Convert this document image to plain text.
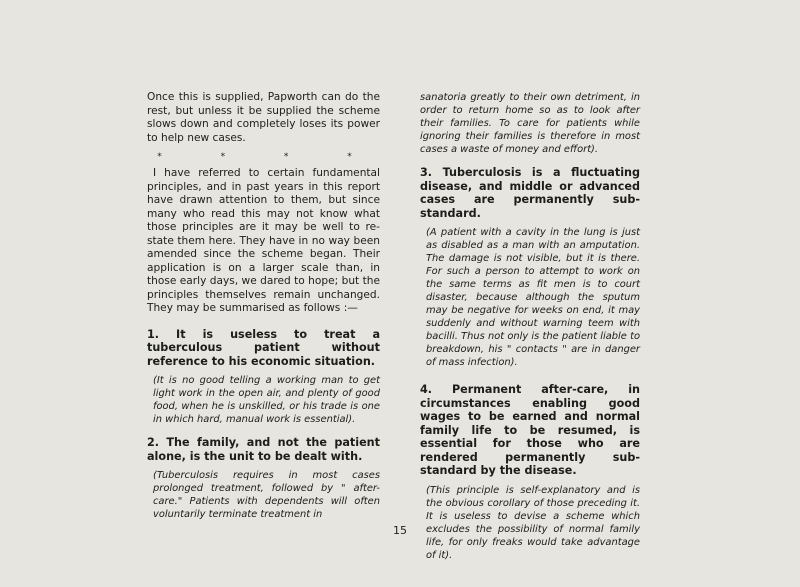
Once this is supplied, Papworth can do the rest, but unless it be supplied the scheme slows down and completely loses its power to help new cases.

* * * *

I have referred to certain fundamental principles, and in past years in this report have drawn attention to them, but since many who read this may not know what those principles are it may be well to re-state them here. They have in no way been amended since the scheme began. Their application is on a larger scale than, in those early days, we dared to hope; but the principles themselves remain unchanged. They may be summarised as follows :—

1. It is useless to treat a tuberculous patient without reference to his economic situation.

(It is no good telling a working man to get light work in the open air, and plenty of good food, when he is unskilled, or his trade is one in which hard, manual work is essential).

2. The family, and not the patient alone, is the unit to be dealt with.

(Tuberculosis requires in most cases prolonged treatment, followed by " after-care." Patients with dependents will often voluntarily terminate treatment in

sanatoria greatly to their own detriment, in order to return home so as to look after their families. To care for patients while ignoring their families is therefore in most cases a waste of money and effort).

3. Tuberculosis is a fluctuating disease, and middle or advanced cases are permanently sub-standard.

(A patient with a cavity in the lung is just as disabled as a man with an amputation. The damage is not visible, but it is there. For such a person to attempt to work on the same terms as fit men is to court disaster, because although the sputum may be negative for weeks on end, it may suddenly and without warning teem with bacilli. Thus not only is the patient liable to breakdown, his " contacts " are in danger of mass infection).

4. Permanent after-care, in circumstances enabling good wages to be earned and normal family life to be resumed, is essential for those who are rendered permanently sub-standard by the disease.

(This principle is self-explanatory and is the obvious corollary of those preceding it. It is useless to devise a scheme which excludes the possibility of normal family life, for only freaks would take advantage of it).

15
